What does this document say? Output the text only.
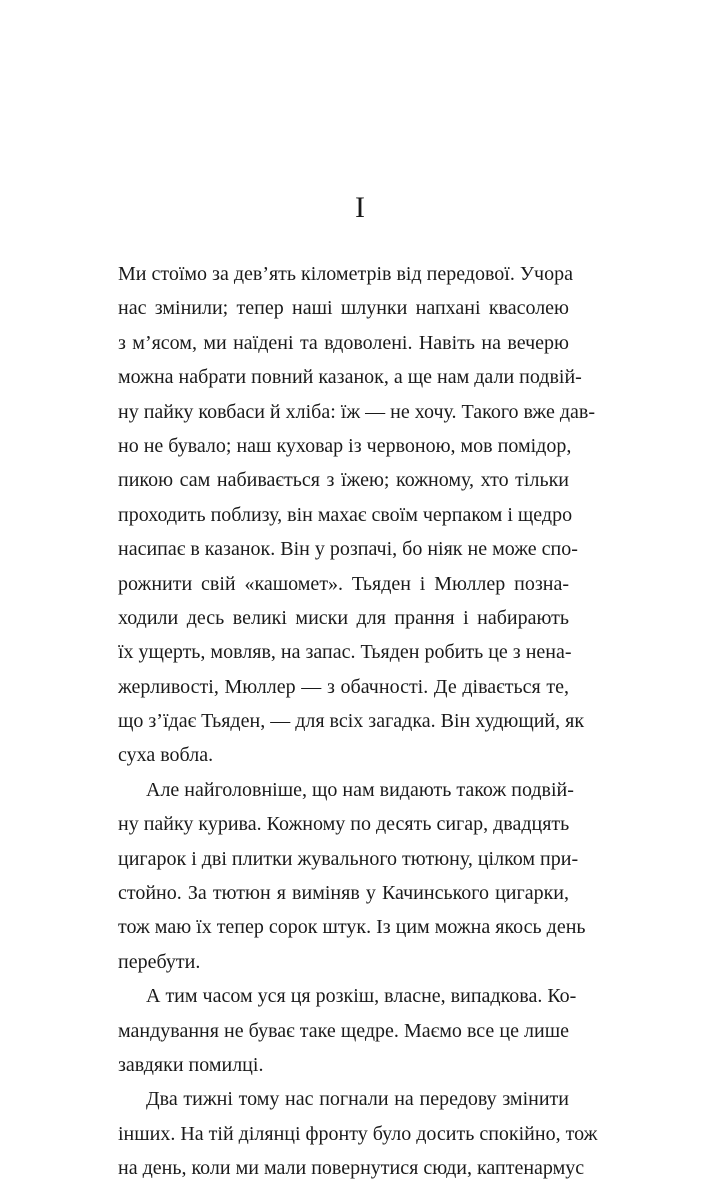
I
Ми стоїмо за дев’ять кілометрів від передової. Учора
нас змінили; тепер наші шлунки напхані квасолею
з м’ясом, ми наїдені та вдоволені. Навіть на вечерю
можна набрати повний казанок, а ще нам дали подвій-
ну пайку ковбаси й хліба: їж — не хочу. Такого вже дав-
но не бувало; наш куховар із червоною, мов помідор,
пикою сам набивається з їжею; кожному, хто тільки
проходить поблизу, він махає своїм черпаком і щедро
насипає в казанок. Він у розпачі, бо ніяк не може спо-
рожнити свій «кашомет». Тьяден і Мюллер позна-
ходили десь великі миски для прання і набирають
їх ущерть, мовляв, на запас. Тьяден робить це з нена-
жерливості, Мюллер — з обачності. Де дівається те,
що з’їдає Тьяден, — для всіх загадка. Він худющий, як
суха вобла.
Але найголовніше, що нам видають також подвій-
ну пайку курива. Кожному по десять сигар, двадцять
цигарок і дві плитки жувального тютюну, цілком при-
стойно. За тютюн я виміняв у Качинського цигарки,
тож маю їх тепер сорок штук. Із цим можна якось день
перебути.
А тим часом уся ця розкіш, власне, випадкова. Ко-
мандування не буває таке щедре. Маємо все це лише
завдяки помилці.
Два тижні тому нас погнали на передову змінити
інших. На тій ділянці фронту було досить спокійно, тож
на день, коли ми мали повернутися сюди, каптенармус
